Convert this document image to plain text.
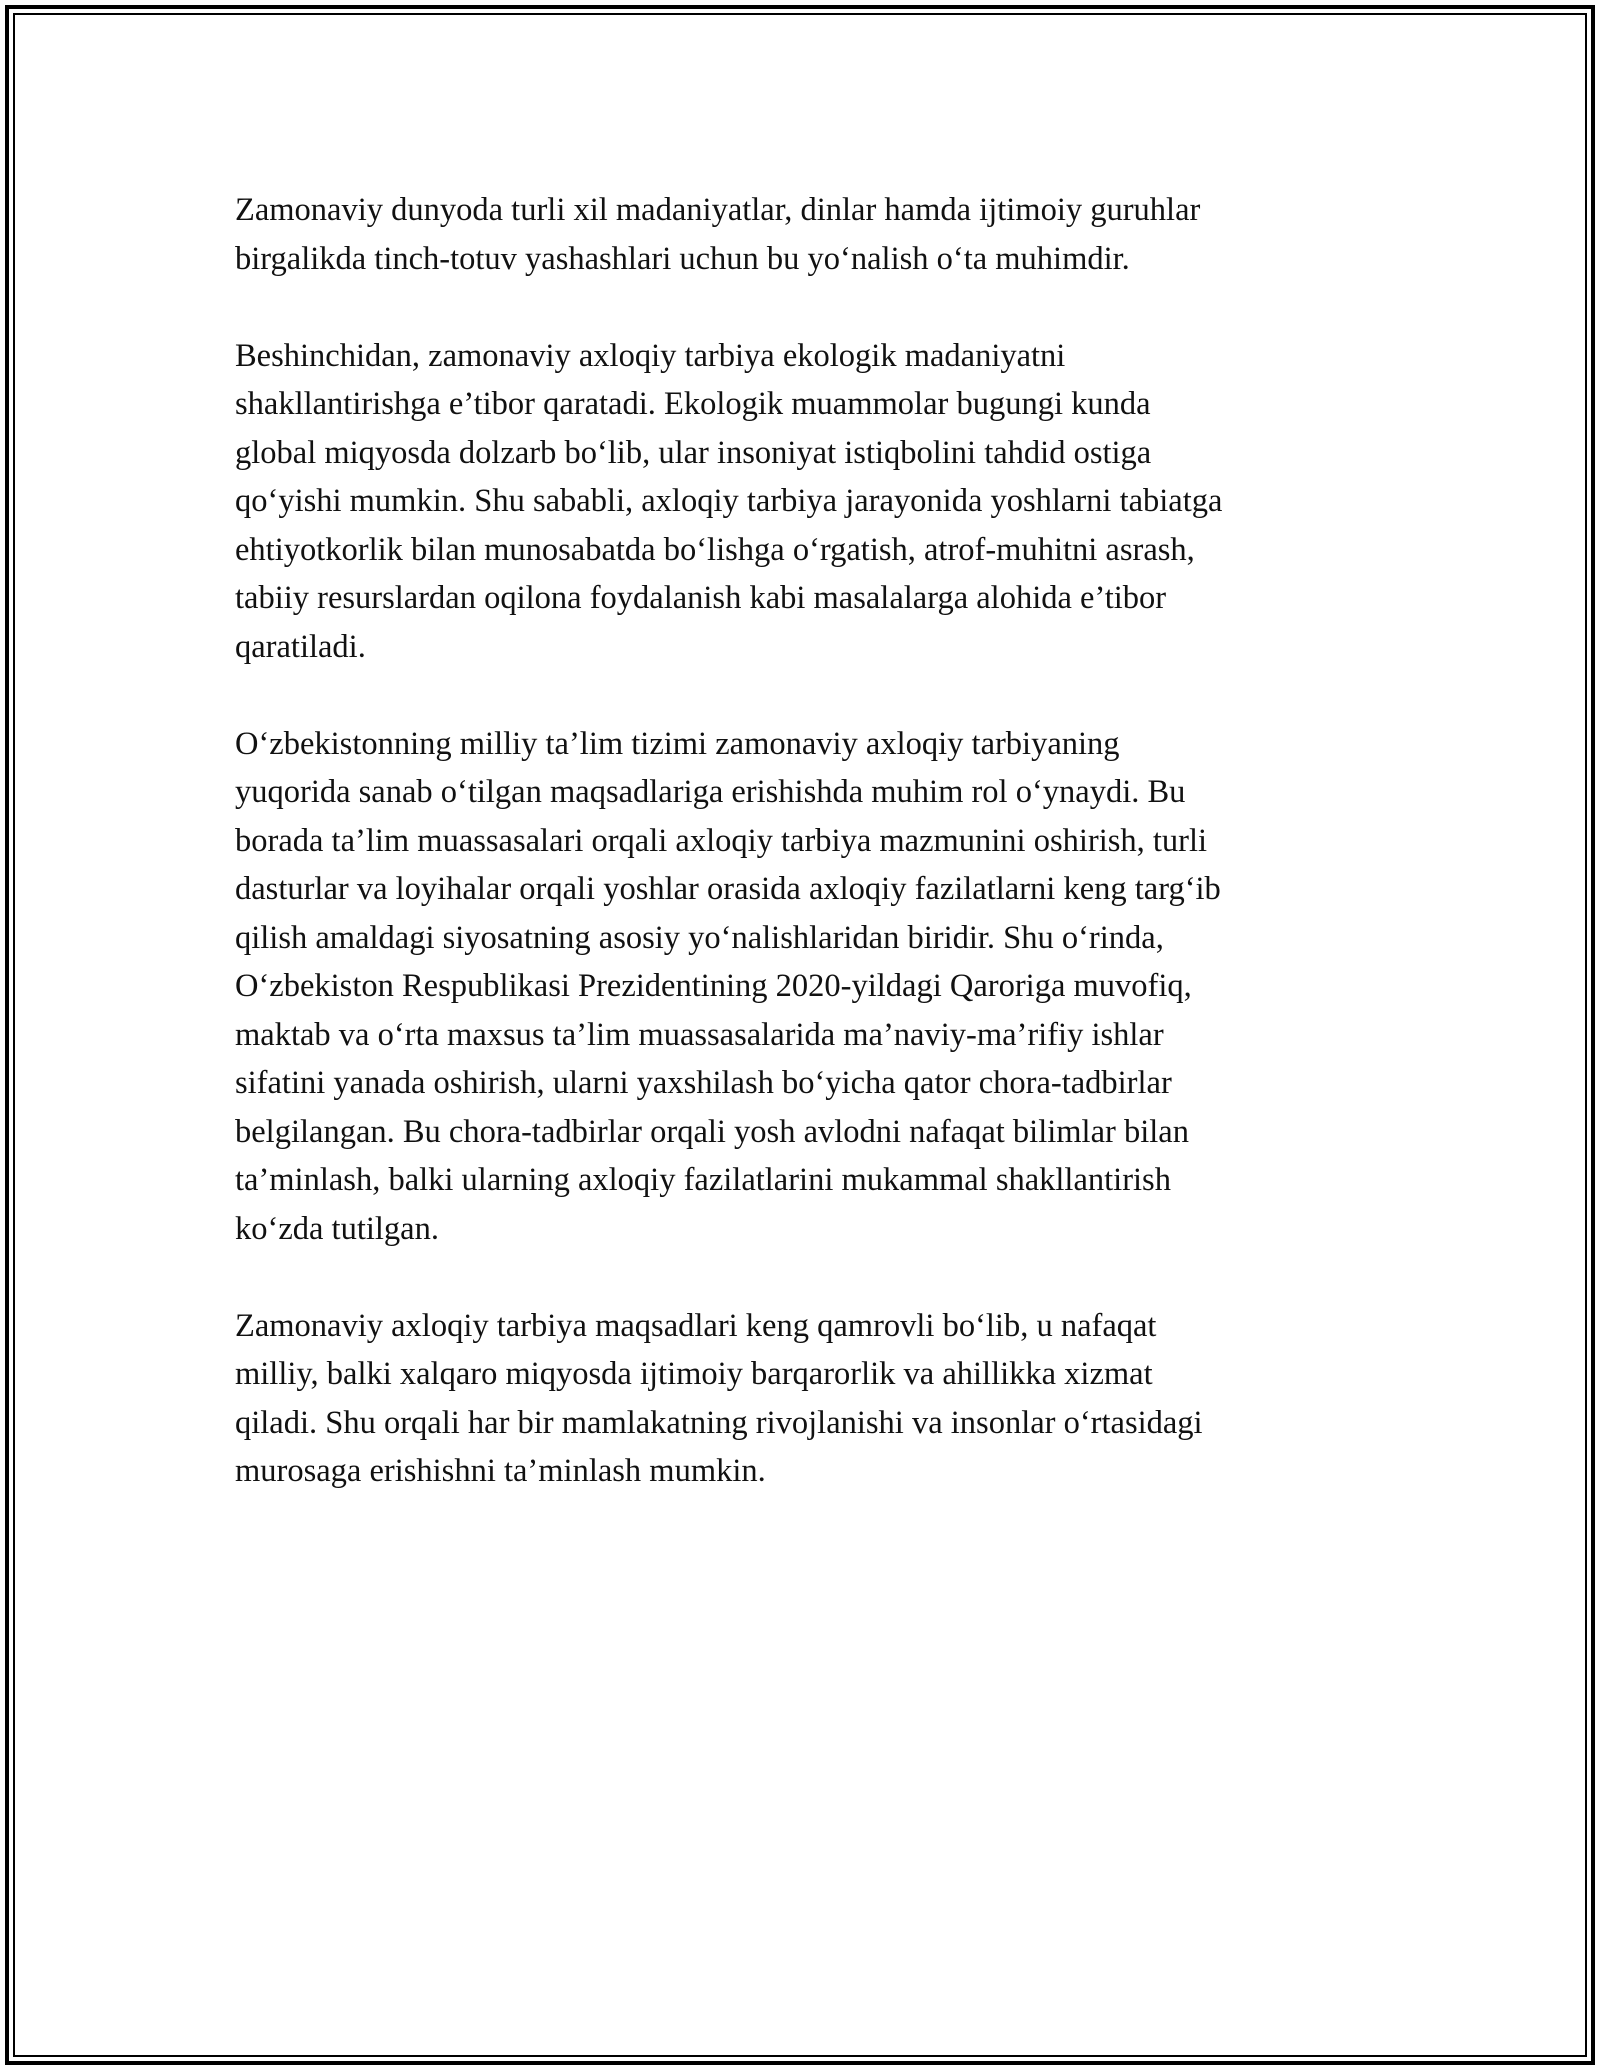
Zamonaviy dunyoda turli xil madaniyatlar, dinlar hamda ijtimoiy guruhlar
birgalikda tinch-totuv yashashlari uchun bu yoʻnalish oʻta muhimdir.

Beshinchidan, zamonaviy axloqiy tarbiya ekologik madaniyatni
shakllantirishga e’tibor qaratadi. Ekologik muammolar bugungi kunda
global miqyosda dolzarb boʻlib, ular insoniyat istiqbolini tahdid ostiga
qoʻyishi mumkin. Shu sababli, axloqiy tarbiya jarayonida yoshlarni tabiatga
ehtiyotkorlik bilan munosabatda boʻlishga oʻrgatish, atrof-muhitni asrash,
tabiiy resurslardan oqilona foydalanish kabi masalalarga alohida e’tibor
qaratiladi.

Oʻzbekistonning milliy ta’lim tizimi zamonaviy axloqiy tarbiyaning
yuqorida sanab oʻtilgan maqsadlariga erishishda muhim rol oʻynaydi. Bu
borada ta’lim muassasalari orqali axloqiy tarbiya mazmunini oshirish, turli
dasturlar va loyihalar orqali yoshlar orasida axloqiy fazilatlarni keng targʻib
qilish amaldagi siyosatning asosiy yoʻnalishlaridan biridir. Shu oʻrinda,
Oʻzbekiston Respublikasi Prezidentining 2020-yildagi Qaroriga muvofiq,
maktab va oʻrta maxsus ta’lim muassasalarida ma’naviy-ma’rifiy ishlar
sifatini yanada oshirish, ularni yaxshilash boʻyicha qator chora-tadbirlar
belgilangan. Bu chora-tadbirlar orqali yosh avlodni nafaqat bilimlar bilan
ta’minlash, balki ularning axloqiy fazilatlarini mukammal shakllantirish
koʻzda tutilgan.

Zamonaviy axloqiy tarbiya maqsadlari keng qamrovli boʻlib, u nafaqat
milliy, balki xalqaro miqyosda ijtimoiy barqarorlik va ahillikka xizmat
qiladi. Shu orqali har bir mamlakatning rivojlanishi va insonlar oʻrtasidagi
murosaga erishishni ta’minlash mumkin.
